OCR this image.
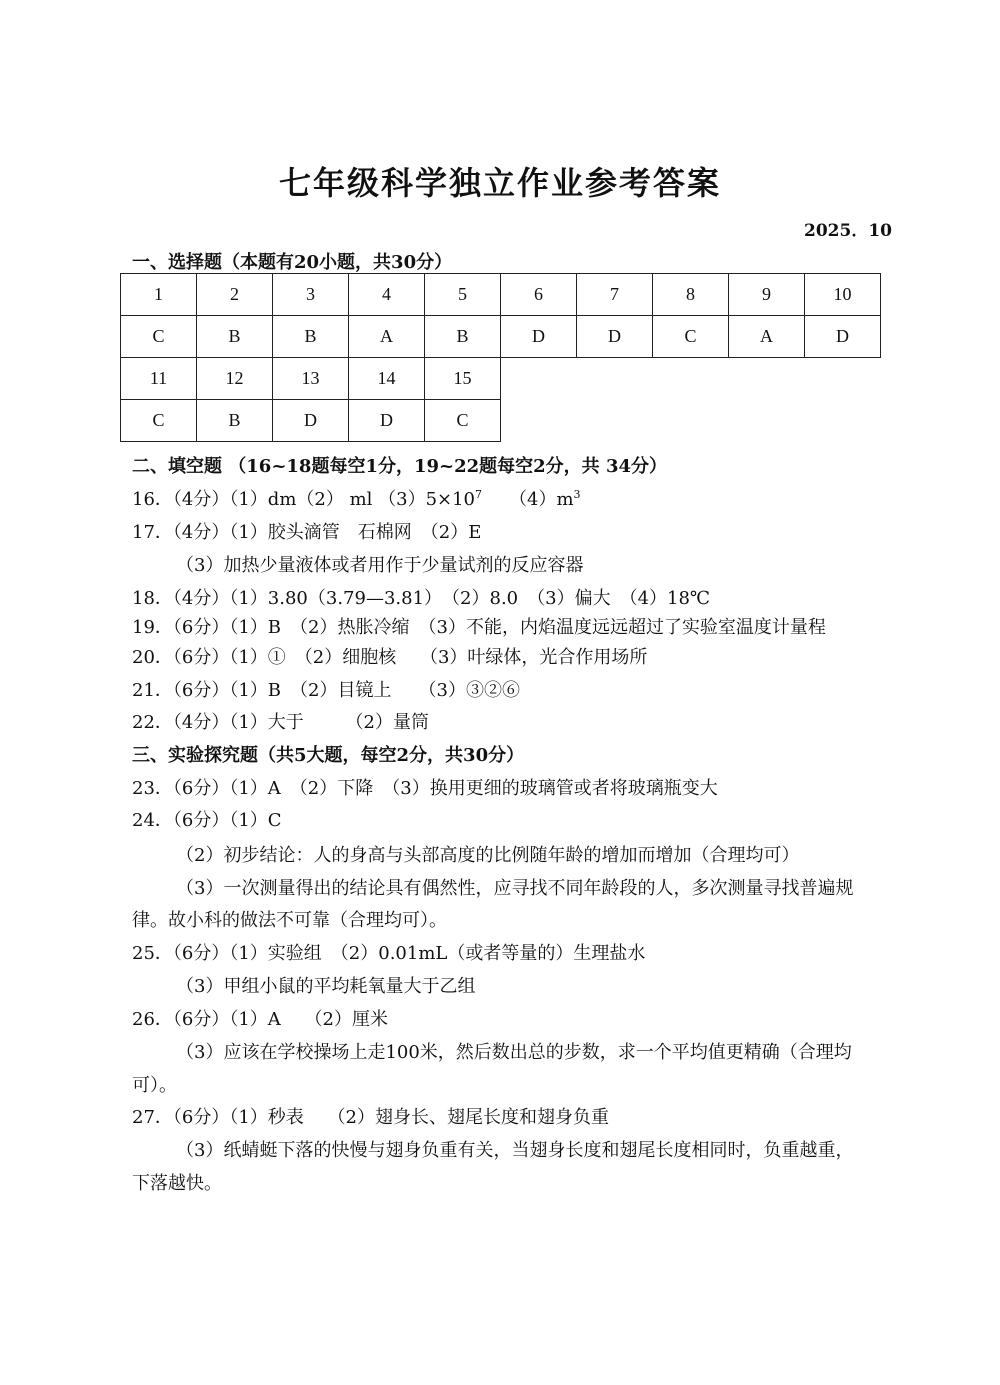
七年级科学独立作业参考答案
2025．10
一、选择题（本题有20小题，共30分）
1	2	3	4	5	6	7	8	9	10
C	B	B	A	B	D	D	C	A	D
11	12	13	14	15					
C	B	D	D	C					
二、填空题 （16~18题每空1分，19~22题每空2分，共 34分）
16．（4分）（1）dm（2） ml $(3)5\times 10^7$　　$(4)m^3$
17．（4分）（1）胶头滴管　石棉网　（2）E
（3）加热少量液体或者用作于少量试剂的反应容器
18．（4分）（1）3.80（3.79—3.81）　（2）8.0　（3）偏大　（4）18℃
19．（6分）（1）B　（2）热胀冷缩　（3）不能，内焰温度远远超过了实验室温度计量程
20．（6分）（1）①　（2）细胞核　 （3）叶绿体，光合作用场所
21．（6分）（1）B　（2）目镜上　　（3）③②⑥
22．（4分）（1）大于　　 （2）量筒
三、实验探究题（共5大题，每空2分，共30分）
23．（6分）（1）A　（2）下降　（3）换用更细的玻璃管或者将玻璃瓶变大
24．（6分）（1）C
（2）初步结论：人的身高与头部高度的比例随年龄的增加而增加（合理均可）
（3）一次测量得出的结论具有偶然性，应寻找不同年龄段的人，多次测量寻找普遍规
律。故小科的做法不可靠（合理均可）。
25．（6分）（1）实验组　（2）0.01mL（或者等量的）生理盐水
（3）甲组小鼠的平均耗氧量大于乙组
26．（6分）（1）A　 （2）厘米
（3）应该在学校操场上走100米，然后数出总的步数，求一个平均值更精确（合理均
可）。
27．（6分）（1）秒表　 （2）翅身长、翅尾长度和翅身负重
（3）纸蜻蜓下落的快慢与翅身负重有关，当翅身长度和翅尾长度相同时，负重越重，
下落越快。
